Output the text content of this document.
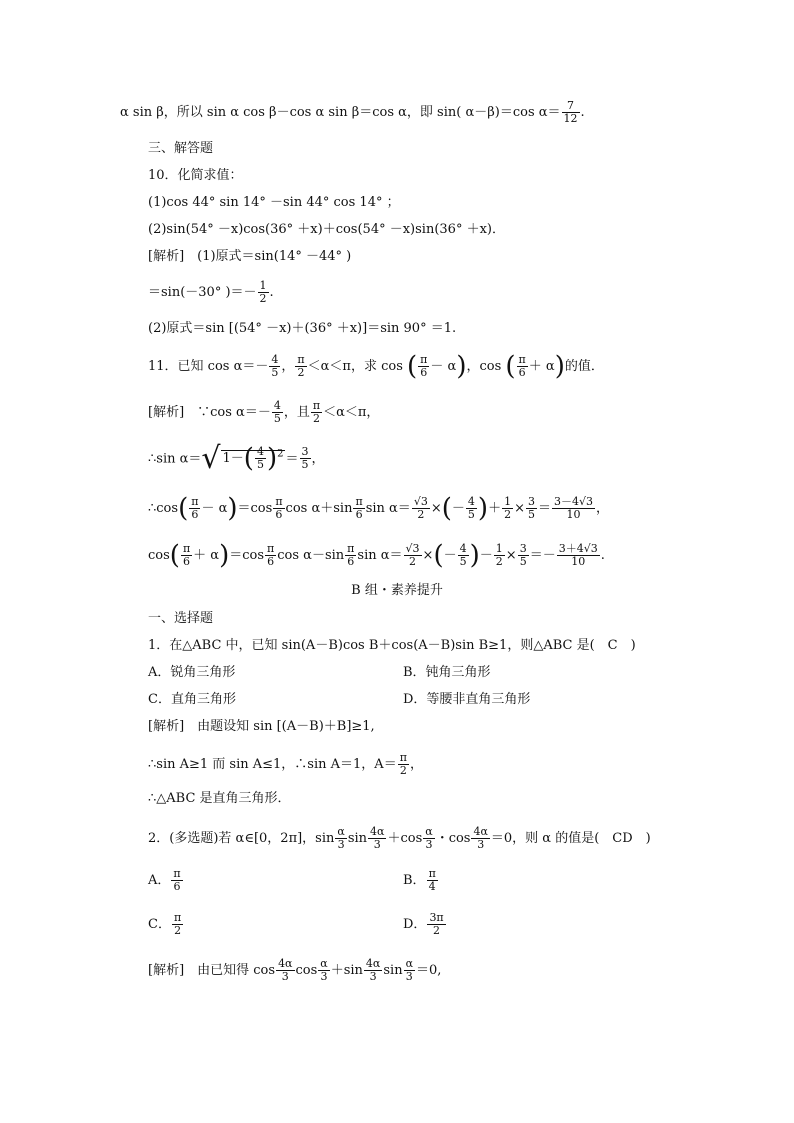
α sin β，所以 sin α cos β－cos α sin β＝cos α，即 sin( α－β)＝cos $\alpha= \frac{7}{12}$ .
三、解答题
10．化简求值：
(1)cos 44° sin 14° －sin 44° cos 14° ；
(2)sin(54° －x)cos(36° ＋x)＋cos(54° －x)sin(36° ＋x)．
[解析]　(1)原式＝sin(14° －44° )
＝sin(－30° )＝－ $\frac{1}{2}$ .
(2)原式＝sin [(54° －x)＋(36° ＋x)]＝sin 90° ＝1.
11．已知 $\cos \alpha=- \frac{4}{5}$ ， $\frac{\pi}{2} <\alpha<\pi$，求 cos ( $\frac{\pi}{6} - \alpha$)，cos ( $\frac{\pi}{6} + \alpha$)的值．
[解析]　∵cos $\alpha=- \frac{4}{5}$ ，且 $\frac{\pi}{2} <\alpha<\pi$，
∴sin α＝√ $1-( \frac{4}{5} )^2 = \frac{3}{5}$ ，
∴cos( $\frac{\pi}{6} - \alpha)=\cos \frac{\pi}{6}$ $\cos \alpha+\sin \frac{\pi}{6}$ $\sin \alpha= \frac{√3}{2}$ ×(－ $\frac{4}{5}$ )＋ $\frac{1}{2} \times \frac{3}{5} = \frac{3-4√3}{10}$ ，
$\cos( \frac{\pi}{6} + \alpha)=\cos \frac{\pi}{6}$ $\cos \alpha-\sin \frac{\pi}{6}$ $\sin \alpha= \frac{√3}{2}$ ×(－ $\frac{4}{5}$ )－ $\frac{1}{2} \times \frac{3}{5} =- \frac{3+4√3}{10}$ .
B 组・素养提升
一、选择题
1．在△ABC 中，已知 sin(A－B)cos B＋cos(A－B)sin B≥1，则△ABC 是(　C　)
A．锐角三角形	B．钝角三角形
C．直角三角形	D．等腰非直角三角形
[解析]　由题设知 sin [(A－B)＋B]≥1,
∴sin A≥1 而 sin A≤1，∴sin A＝1，$A= \frac{\pi}{2}$ ，
∴△ABC 是直角三角形．
2．(多选题)若 α∈[0，2π]，$\sin \frac{\alpha}{3}$ $\sin \frac{4\alpha}{3} +\cos \frac{\alpha}{3}$ ・$\cos \frac{4\alpha}{3} =0$，则 α 的值是(　CD　)
A． $\frac{\pi}{6}$	B． $\frac{\pi}{4}$
C． $\frac{\pi}{2}$	D． $\frac{3\pi}{2}$
[解析]　由已知得 $\cos \frac{4\alpha}{3}$ $\cos \frac{\alpha}{3} +\sin \frac{4\alpha}{3}$ $\sin \frac{\alpha}{3} =0$,
